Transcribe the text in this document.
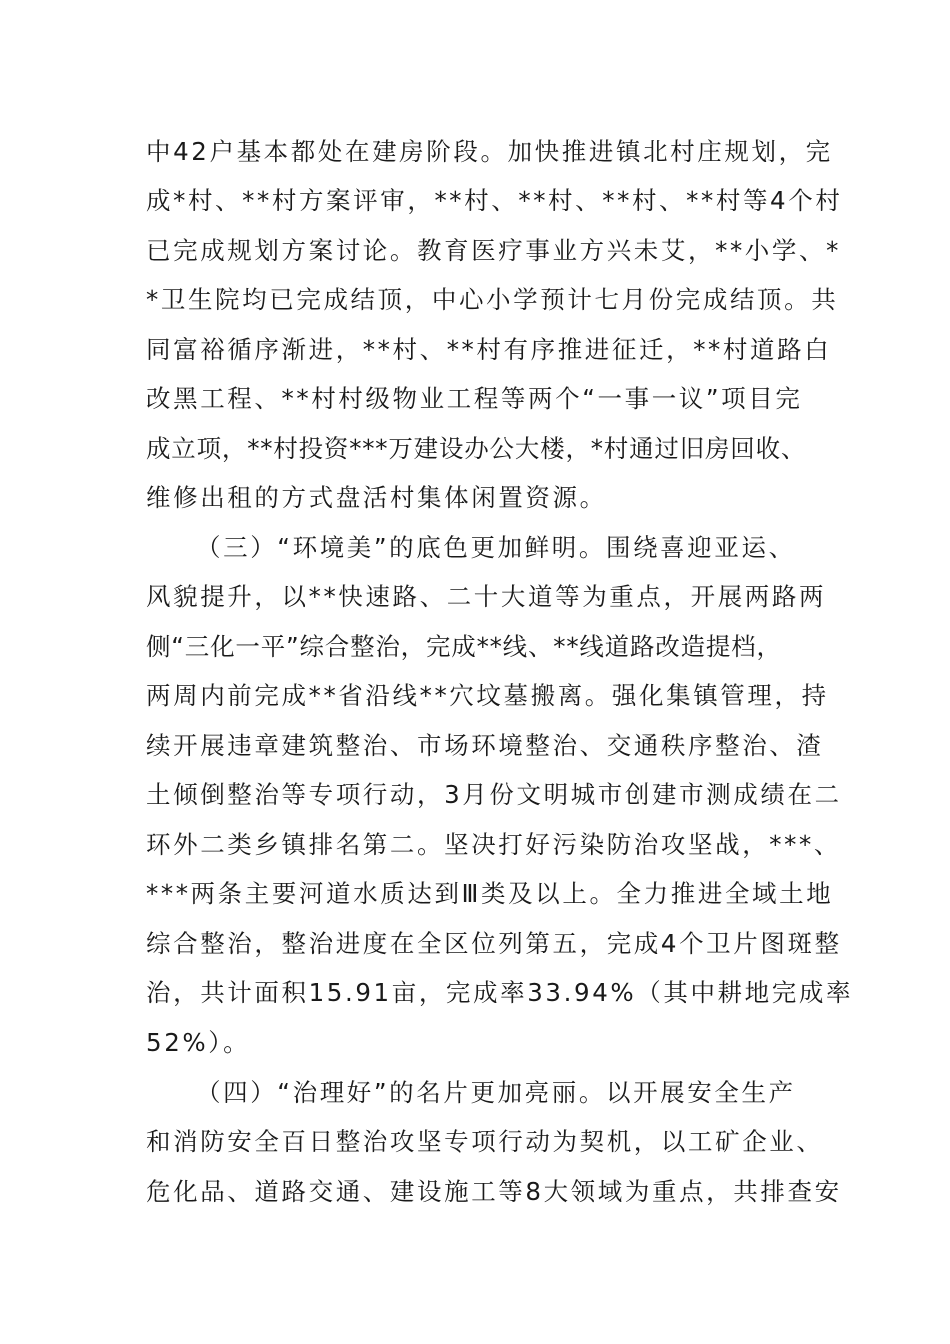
中42户基本都处在建房阶段。加快推进镇北村庄规划，完
成*村、**村方案评审，**村、**村、**村、**村等4个村
已完成规划方案讨论。教育医疗事业方兴未艾，**小学、*
*卫生院均已完成结顶，中心小学预计七月份完成结顶。共
同富裕循序渐进，**村、**村有序推进征迁，**村道路白
改黑工程、**村村级物业工程等两个“一事一议”项目完
成立项，**村投资***万建设办公大楼，*村通过旧房回收、
维修出租的方式盘活村集体闲置资源。
（三）“环境美”的底色更加鲜明。围绕喜迎亚运、
风貌提升，以**快速路、二十大道等为重点，开展两路两
侧“三化一平”综合整治，完成**线、**线道路改造提档，
两周内前完成**省沿线**穴坟墓搬离。强化集镇管理，持
续开展违章建筑整治、市场环境整治、交通秩序整治、渣
土倾倒整治等专项行动，3月份文明城市创建市测成绩在二
环外二类乡镇排名第二。坚决打好污染防治攻坚战，***、
***两条主要河道水质达到Ⅲ类及以上。全力推进全域土地
综合整治，整治进度在全区位列第五，完成4个卫片图斑整
治，共计面积15.91亩，完成率33.94%（其中耕地完成率
52%）。
（四）“治理好”的名片更加亮丽。以开展安全生产
和消防安全百日整治攻坚专项行动为契机，以工矿企业、
危化品、道路交通、建设施工等8大领域为重点，共排查安
